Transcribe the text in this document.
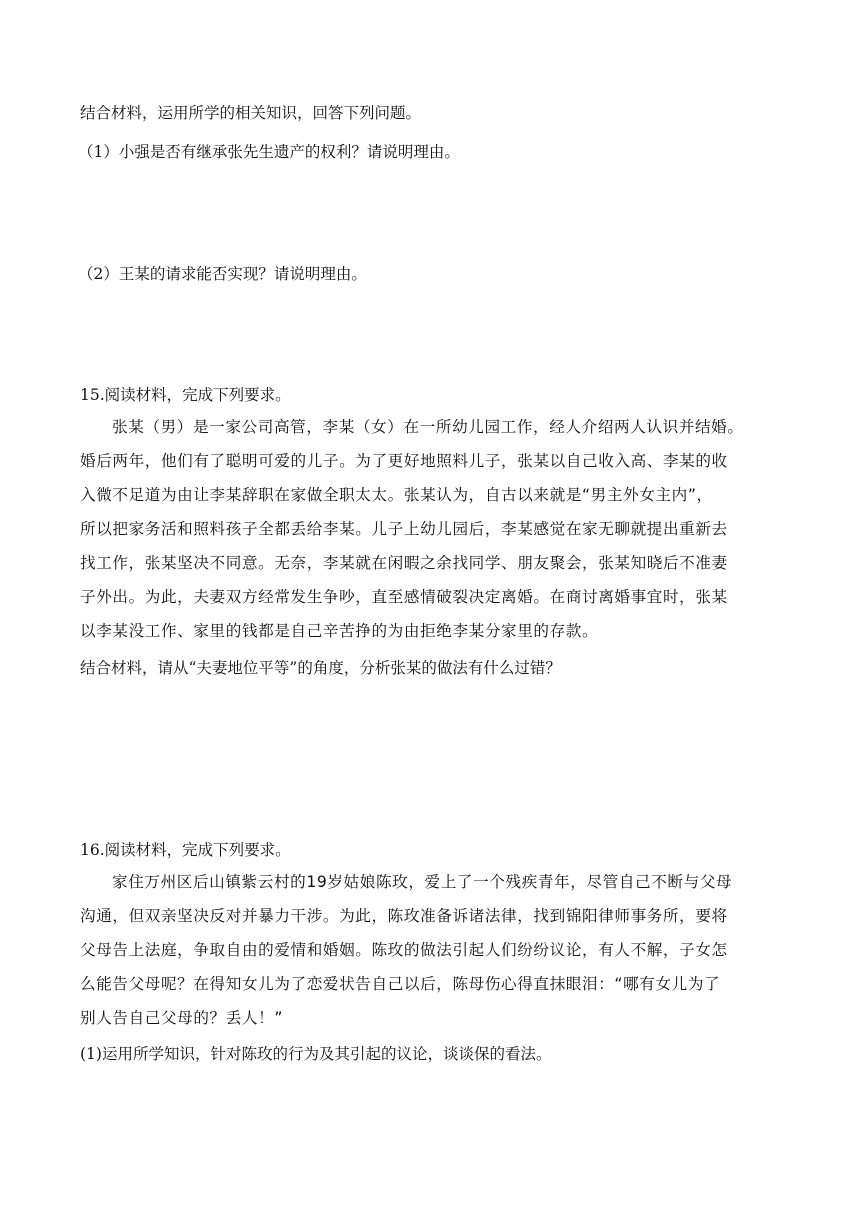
结合材料，运用所学的相关知识，回答下列问题。
（1）小强是否有继承张先生遗产的权利？请说明理由。
（2）王某的请求能否实现？请说明理由。
15.阅读材料，完成下列要求。
张某（男）是一家公司高管，李某（女）在一所幼儿园工作，经人介绍两人认识并结婚。
婚后两年，他们有了聪明可爱的儿子。为了更好地照料儿子，张某以自己收入高、李某的收
入微不足道为由让李某辞职在家做全职太太。张某认为，自古以来就是“男主外女主内”，
所以把家务活和照料孩子全都丢给李某。儿子上幼儿园后，李某感觉在家无聊就提出重新去
找工作，张某坚决不同意。无奈，李某就在闲暇之余找同学、朋友聚会，张某知晓后不准妻
子外出。为此，夫妻双方经常发生争吵，直至感情破裂决定离婚。在商讨离婚事宜时，张某
以李某没工作、家里的钱都是自己辛苦挣的为由拒绝李某分家里的存款。
结合材料，请从“夫妻地位平等”的角度，分析张某的做法有什么过错？
16.阅读材料，完成下列要求。
家住万州区后山镇紫云村的19岁姑娘陈玫，爱上了一个残疾青年，尽管自己不断与父母
沟通，但双亲坚决反对并暴力干涉。为此，陈玫准备诉诸法律，找到锦阳律师事务所，要将
父母告上法庭，争取自由的爱情和婚姻。陈玫的做法引起人们纷纷议论，有人不解，子女怎
么能告父母呢？在得知女儿为了恋爱状告自己以后，陈母伤心得直抹眼泪：“哪有女儿为了
别人告自己父母的？丢人！”
(1)运用所学知识，针对陈玫的行为及其引起的议论，谈谈保的看法。
